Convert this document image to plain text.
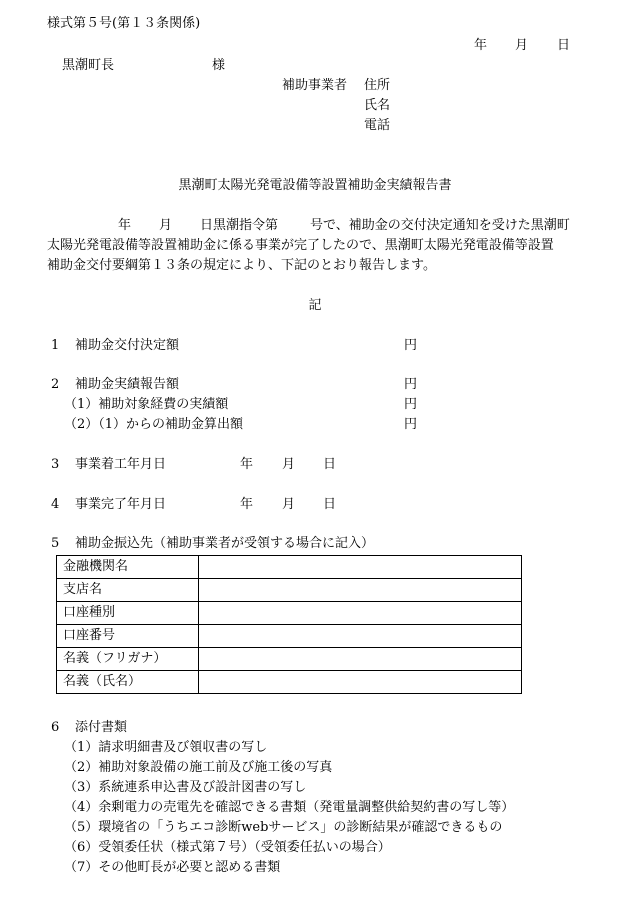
様式第５号(第１３条関係)
年 月 日
黒潮町長	様
補助事業者 住所
氏名
電話
黒潮町太陽光発電設備等設置補助金実績報告書
年 月 日黒潮指令第 号で、補助金の交付決定通知を受けた黒潮町
太陽光発電設備等設置補助金に係る事業が完了したので、黒潮町太陽光発電設備等設置
補助金交付要綱第１３条の規定により、下記のとおり報告します。
記
1 補助金交付決定額	円
2 補助金実績報告額	円
（1）補助対象経費の実績額	円
（2）（1）からの補助金算出額	円
3 事業着工年月日	年 月 日
4 事業完了年月日	年 月 日
5 補助金振込先（補助事業者が受領する場合に記入）
金融機関名	
支店名	
口座種別	
口座番号	
名義（フリガナ）	
名義（氏名）	
6 添付書類
（1）請求明細書及び領収書の写し
（2）補助対象設備の施工前及び施工後の写真
（3）系統連系申込書及び設計図書の写し
（4）余剰電力の売電先を確認できる書類（発電量調整供給契約書の写し等）
（5）環境省の「うちエコ診断webサービス」の診断結果が確認できるもの
（6）受領委任状（様式第７号）（受領委任払いの場合）
（7）その他町長が必要と認める書類
